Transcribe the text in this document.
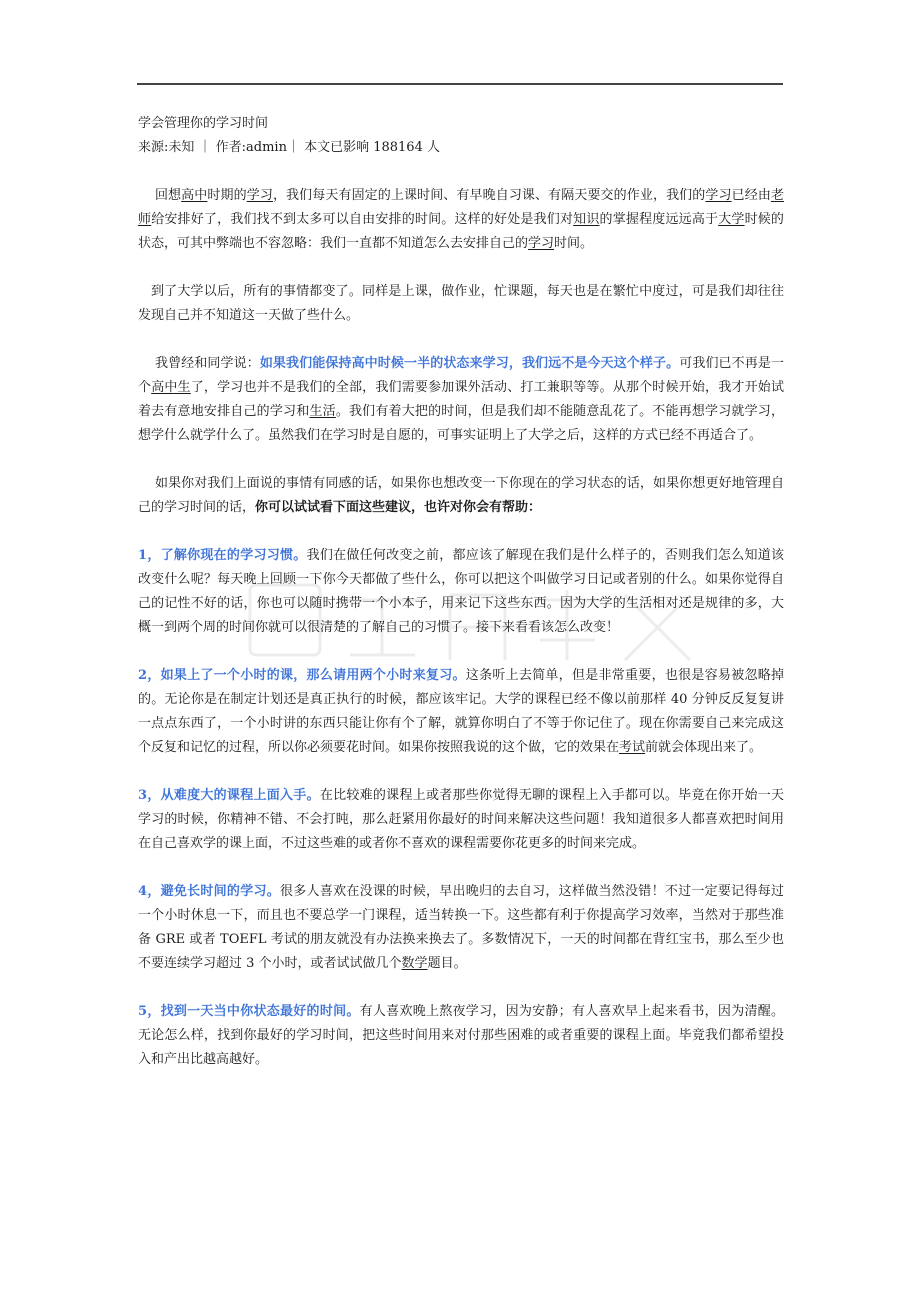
学会管理你的学习时间

来源:未知 ｜ 作者:admin｜ 本文已影响 188164 人

回想高中时期的学习，我们每天有固定的上课时间、有早晚自习课、有隔天要交的作业，我们的学习已经由老师给安排好了，我们找不到太多可以自由安排的时间。这样的好处是我们对知识的掌握程度远远高于大学时候的状态，可其中弊端也不容忽略：我们一直都不知道怎么去安排自己的学习时间。

到了大学以后，所有的事情都变了。同样是上课，做作业，忙课题，每天也是在繁忙中度过，可是我们却往往发现自己并不知道这一天做了些什么。

我曾经和同学说：如果我们能保持高中时候一半的状态来学习，我们远不是今天这个样子。可我们已不再是一个高中生了，学习也并不是我们的全部，我们需要参加课外活动、打工兼职等等。从那个时候开始，我才开始试着去有意地安排自己的学习和生活。我们有着大把的时间，但是我们却不能随意乱花了。不能再想学习就学习，想学什么就学什么了。虽然我们在学习时是自愿的，可事实证明上了大学之后，这样的方式已经不再适合了。

如果你对我们上面说的事情有同感的话，如果你也想改变一下你现在的学习状态的话，如果你想更好地管理自己的学习时间的话，你可以试试看下面这些建议，也许对你会有帮助：

1，了解你现在的学习习惯。我们在做任何改变之前，都应该了解现在我们是什么样子的，否则我们怎么知道该改变什么呢？每天晚上回顾一下你今天都做了些什么，你可以把这个叫做学习日记或者别的什么。如果你觉得自己的记性不好的话，你也可以随时携带一个小本子，用来记下这些东西。因为大学的生活相对还是规律的多，大概一到两个周的时间你就可以很清楚的了解自己的习惯了。接下来看看该怎么改变！

2，如果上了一个小时的课，那么请用两个小时来复习。这条听上去简单，但是非常重要，也很是容易被忽略掉的。无论你是在制定计划还是真正执行的时候，都应该牢记。大学的课程已经不像以前那样 40 分钟反反复复讲一点点东西了，一个小时讲的东西只能让你有个了解，就算你明白了不等于你记住了。现在你需要自己来完成这个反复和记忆的过程，所以你必须要花时间。如果你按照我说的这个做，它的效果在考试前就会体现出来了。

3，从难度大的课程上面入手。在比较难的课程上或者那些你觉得无聊的课程上入手都可以。毕竟在你开始一天学习的时候，你精神不错、不会打盹，那么赶紧用你最好的时间来解决这些问题！我知道很多人都喜欢把时间用在自己喜欢学的课上面，不过这些难的或者你不喜欢的课程需要你花更多的时间来完成。

4，避免长时间的学习。很多人喜欢在没课的时候，早出晚归的去自习，这样做当然没错！不过一定要记得每过一个小时休息一下，而且也不要总学一门课程，适当转换一下。这些都有利于你提高学习效率，当然对于那些准备 GRE 或者 TOEFL 考试的朋友就没有办法换来换去了。多数情况下，一天的时间都在背红宝书，那么至少也不要连续学习超过 3 个小时，或者试试做几个数学题目。

5，找到一天当中你状态最好的时间。有人喜欢晚上熬夜学习，因为安静；有人喜欢早上起来看书，因为清醒。无论怎么样，找到你最好的学习时间，把这些时间用来对付那些困难的或者重要的课程上面。毕竟我们都希望投入和产出比越高越好。
